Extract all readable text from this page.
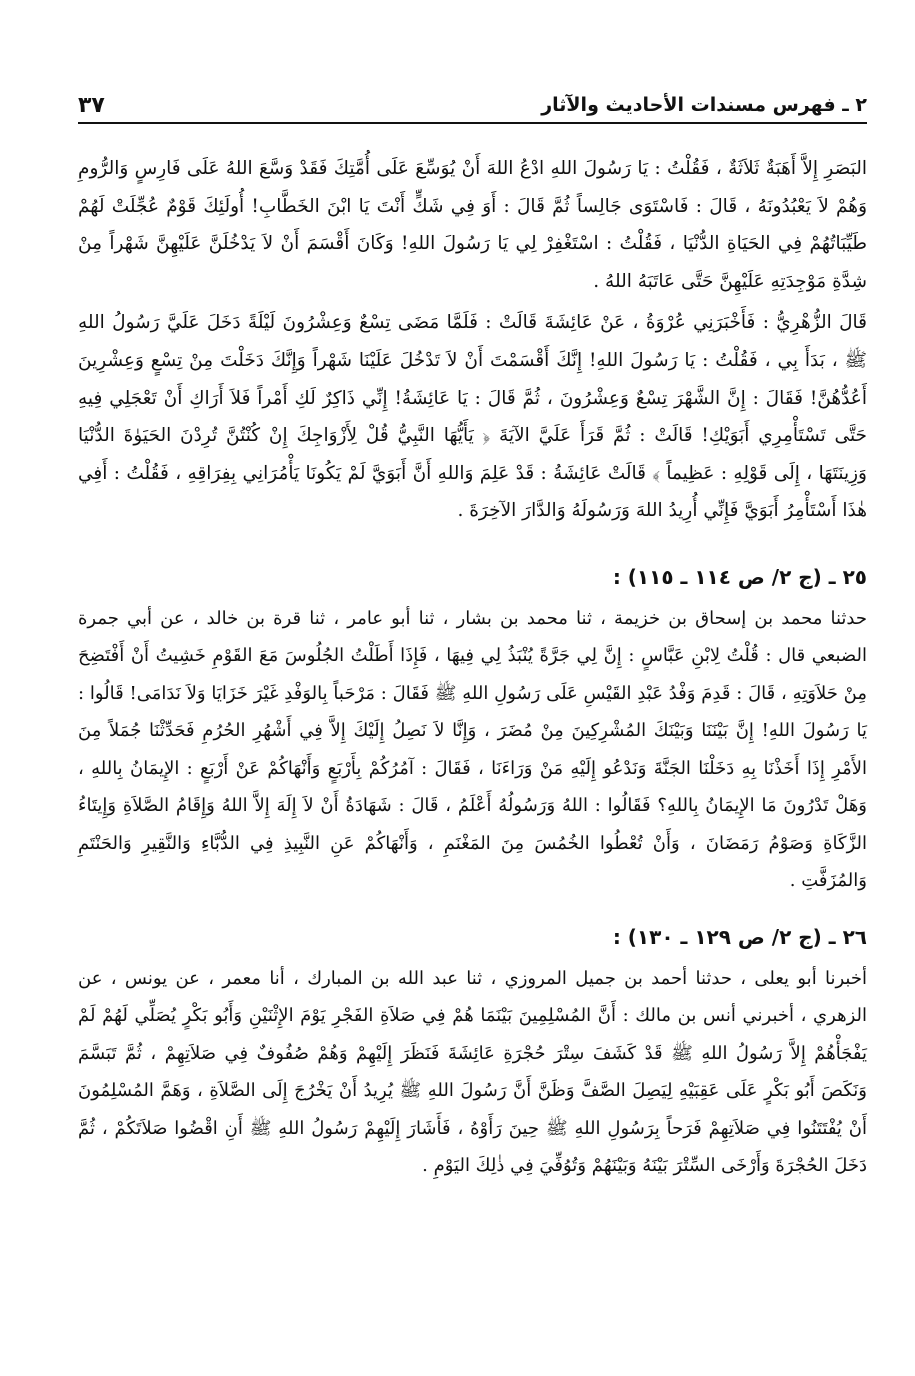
٢ ـ فهرس مسندات الأحاديث والآثار
٣٧

البَصَرِ إِلاَّ أَهَبَةٌ ثَلاَثَةٌ ، فَقُلْتُ : يَا رَسُولَ اللهِ ادْعُ اللهَ أَنْ يُوَسِّعَ عَلَى أُمَّتِكَ فَقَدْ وَسَّعَ اللهُ عَلَى فَارِسٍ وَالرُّومِ وَهُمْ لاَ يَعْبُدُونَهُ ، قَالَ : فَاسْتَوَى جَالِساً ثُمَّ قَالَ : أَوَ فِي شَكٍّ أَنْتَ يَا ابْنَ الخَطَّابِ! أُولَئِكَ قَوْمٌ عُجِّلَتْ لَهُمْ طَيِّبَاتُهُمْ فِي الحَيَاةِ الدُّنْيَا ، فَقُلْتُ : اسْتَغْفِرْ لِي يَا رَسُولَ اللهِ! وَكَانَ أَقْسَمَ أَنْ لاَ يَدْخُلَنَّ عَلَيْهِنَّ شَهْراً مِنْ شِدَّةِ مَوْجِدَتِهِ عَلَيْهِنَّ حَتَّى عَاتَبَهُ اللهُ .

قَالَ الزُّهْرِيُّ : فَأَخْبَرَنِي عُرْوَةُ ، عَنْ عَائِشَةَ قَالَتْ : فَلَمَّا مَضَى تِسْعٌ وَعِشْرُونَ لَيْلَةً دَخَلَ عَلَيَّ رَسُولُ اللهِ ﷺ ، بَدَأَ بِي ، فَقُلْتُ : يَا رَسُولَ اللهِ! إِنَّكَ أَقْسَمْتَ أَنْ لاَ تَدْخُلَ عَلَيْنَا شَهْراً وَإِنَّكَ دَخَلْتَ مِنْ تِسْعٍ وَعِشْرِينَ أَعُدُّهُنَّ! فَقَالَ : إِنَّ الشَّهْرَ تِسْعٌ وَعِشْرُونَ ، ثُمَّ قَالَ : يَا عَائِشَةُ! إِنِّي ذَاكِرٌ لَكِ أَمْراً فَلاَ أَرَاكِ أَنْ تَعْجَلِي فِيهِ حَتَّى تَسْتَأْمِرِي أَبَوَيْكِ! قَالَتْ : ثُمَّ قَرَأَ عَلَيَّ الآيَةَ ﴿ يَأَيُّهَا النَّبِيُّ قُلْ لِأَزْوَاجِكَ إِنْ كُنْتُنَّ تُرِدْنَ الحَيَوٰةَ الدُّنْيَا وَزِينَتَهَا ، إِلَى قَوْلِهِ : عَظِيماً ﴾ قَالَتْ عَائِشَةُ : قَدْ عَلِمَ وَاللهِ أَنَّ أَبَوَيَّ لَمْ يَكُونَا يَأْمُرَانِي بِفِرَاقِهِ ، فَقُلْتُ : أَفِي هٰذَا أَسْتَأْمِرُ أَبَوَيَّ فَإِنِّي أُرِيدُ اللهَ وَرَسُولَهُ وَالدَّارَ الآخِرَةَ .

٢٥ ـ (ج ٢/ ص ١١٤ ـ ١١٥) :

حدثنا محمد بن إسحاق بن خزيمة ، ثنا محمد بن بشار ، ثنا أبو عامر ، ثنا قرة بن خالد ، عن أبي جمرة الضبعي قال : قُلْتُ لِابْنِ عَبَّاسٍ : إِنَّ لِي جَرَّةً يُنْبَذُ لِي فِيهَا ، فَإِذَا أَطَلْتُ الجُلُوسَ مَعَ القَوْمِ خَشِيتُ أَنْ أَفْتَضِحَ مِنْ حَلاَوَتِهِ ، قَالَ : قَدِمَ وَفْدُ عَبْدِ القَيْسِ عَلَى رَسُولِ اللهِ ﷺ فَقَالَ : مَرْحَباً بِالوَفْدِ غَيْرَ خَزَايَا وَلاَ نَدَامَى! قَالُوا : يَا رَسُولَ اللهِ! إِنَّ بَيْنَنَا وَبَيْنَكَ المُشْرِكِينَ مِنْ مُضَرَ ، وَإِنَّا لاَ نَصِلُ إِلَيْكَ إِلاَّ فِي أَشْهُرِ الحُرُمِ فَحَدِّثْنَا جُمَلاً مِنَ الأَمْرِ إِذَا أَخَذْنَا بِهِ دَخَلْنَا الجَنَّةَ وَنَدْعُو إِلَيْهِ مَنْ وَرَاءَنَا ، فَقَالَ : آمُرُكُمْ بِأَرْبَعٍ وَأَنْهَاكُمْ عَنْ أَرْبَعٍ : الإِيمَانُ بِاللهِ ، وَهَلْ تَدْرُونَ مَا الإِيمَانُ بِاللهِ؟ فَقَالُوا : اللهُ وَرَسُولُهُ أَعْلَمُ ، قَالَ : شَهَادَةُ أَنْ لاَ إِلَهَ إِلاَّ اللهُ وَإِقَامُ الصَّلاَةِ وَإِيتَاءُ الزَّكَاةِ وَصَوْمُ رَمَضَانَ ، وَأَنْ تُعْطُوا الخُمُسَ مِنَ المَغْنَمِ ، وَأَنْهَاكُمْ عَنِ النَّبِيذِ فِي الدُّبَّاءِ وَالنَّقِيرِ وَالحَنْتَمِ وَالمُزَفَّتِ .

٢٦ ـ (ج ٢/ ص ١٢٩ ـ ١٣٠) :

أخبرنا أبو يعلى ، حدثنا أحمد بن جميل المروزي ، ثنا عبد الله بن المبارك ، أنا معمر ، عن يونس ، عن الزهري ، أخبرني أنس بن مالك : أَنَّ المُسْلِمِينَ بَيْنَمَا هُمْ فِي صَلاَةِ الفَجْرِ يَوْمَ الإِثْنَيْنِ وَأَبُو بَكْرٍ يُصَلِّي لَهُمْ لَمْ يَفْجَأْهُمْ إِلاَّ رَسُولُ اللهِ ﷺ قَدْ كَشَفَ سِتْرَ حُجْرَةِ عَائِشَةَ فَنَظَرَ إِلَيْهِمْ وَهُمْ صُفُوفٌ فِي صَلاَتِهِمْ ، ثُمَّ تَبَسَّمَ وَنَكَصَ أَبُو بَكْرٍ عَلَى عَقِبَيْهِ لِيَصِلَ الصَّفَّ وَظَنَّ أَنَّ رَسُولَ اللهِ ﷺ يُرِيدُ أَنْ يَخْرُجَ إِلَى الصَّلاَةِ ، وَهَمَّ المُسْلِمُونَ أَنْ يُفْتَتَنُوا فِي صَلاَتِهِمْ فَرَحاً بِرَسُولِ اللهِ ﷺ حِينَ رَأَوْهُ ، فَأَشَارَ إِلَيْهِمْ رَسُولُ اللهِ ﷺ أَنِ اقْضُوا صَلاَتَكُمْ ، ثُمَّ دَخَلَ الحُجْرَةَ وَأَرْخَى السِّتْرَ بَيْنَهُ وَبَيْنَهُمْ وَتُوُفِّيَ فِي ذٰلِكَ اليَوْمِ .
